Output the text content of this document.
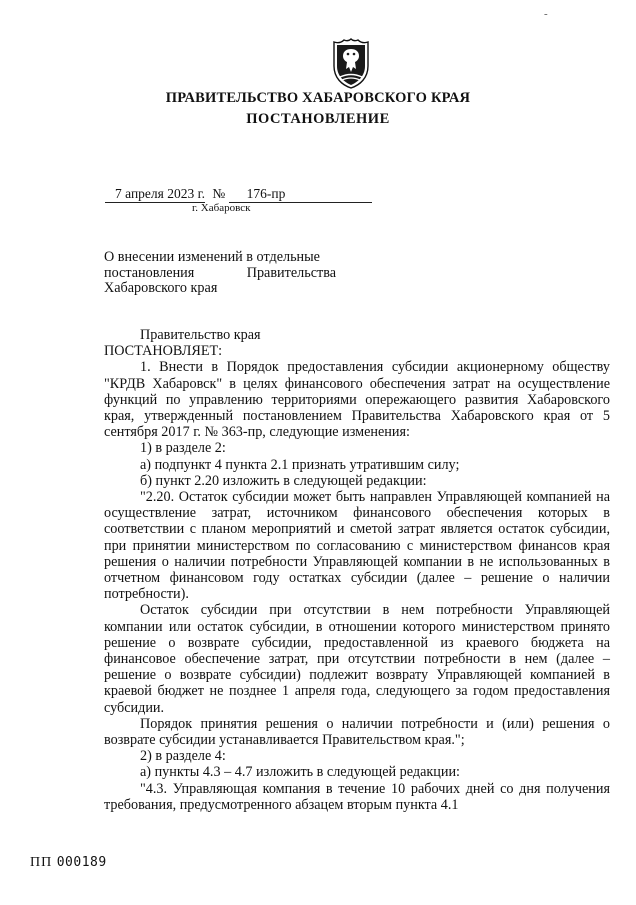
-
ПРАВИТЕЛЬСТВО ХАБАРОВСКОГО КРАЯ
ПОСТАНОВЛЕНИЕ
7 апреля 2023 г. № 176-пр
г. Хабаровск
О внесении изменений в отдельные
постановления Правительства
Хабаровского края

Правительство края

ПОСТАНОВЛЯЕТ:

1. Внести в Порядок предоставления субсидии акционерному обществу "КРДВ Хабаровск" в целях финансового обеспечения затрат на осуществление функций по управлению территориями опережающего развития Хабаровского края, утвержденный постановлением Правительства Хабаровского края от 5 сентября 2017 г. № 363-пр, следующие изменения:

1) в разделе 2:

а) подпункт 4 пункта 2.1 признать утратившим силу;

б) пункт 2.20 изложить в следующей редакции:

"2.20. Остаток субсидии может быть направлен Управляющей компанией на осуществление затрат, источником финансового обеспечения которых в соответствии с планом мероприятий и сметой затрат является остаток субсидии, при принятии министерством по согласованию с министерством финансов края решения о наличии потребности Управляющей компании в не использованных в отчетном финансовом году остатках субсидии (далее – решение о наличии потребности).

Остаток субсидии при отсутствии в нем потребности Управляющей компании или остаток субсидии, в отношении которого министерством принято решение о возврате субсидии, предоставленной из краевого бюджета на финансовое обеспечение затрат, при отсутствии потребности в нем (далее – решение о возврате субсидии) подлежит возврату Управляющей компанией в краевой бюджет не позднее 1 апреля года, следующего за годом предоставления субсидии.

Порядок принятия решения о наличии потребности и (или) решения о возврате субсидии устанавливается Правительством края.";

2) в разделе 4:

а) пункты 4.3 – 4.7 изложить в следующей редакции:

"4.3. Управляющая компания в течение 10 рабочих дней со дня получения требования, предусмотренного абзацем вторым пункта 4.1

ПП 000189
